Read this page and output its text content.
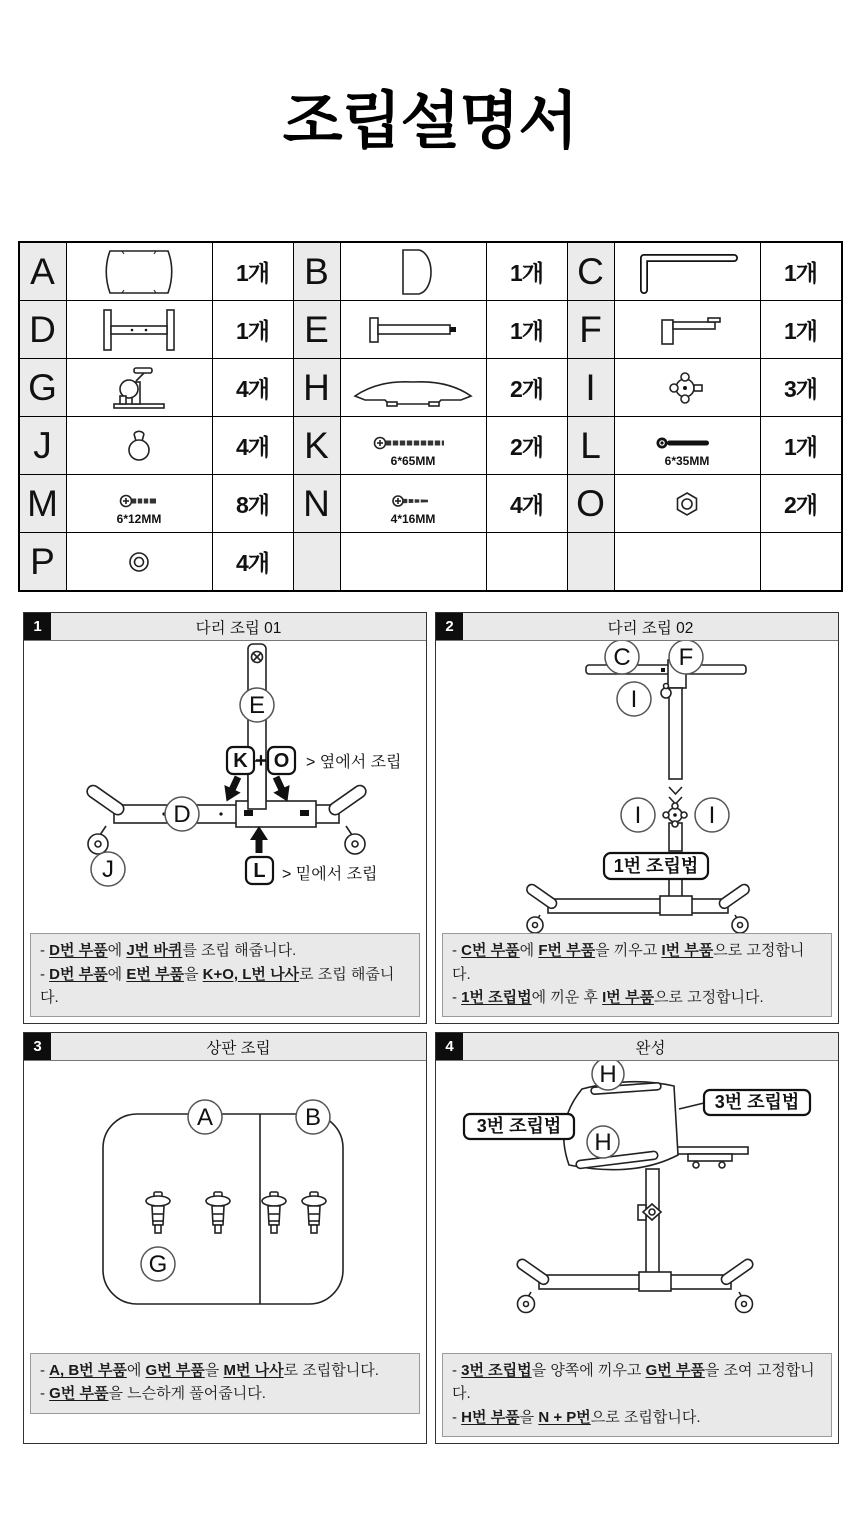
조립설명서
A		1개	B		1개	C		1개
D		1개	E		1개	F		1개
G		4개	H		2개	I		3개
J		4개	K	6*65MM	2개	L	6*35MM	1개
M	6*12MM	8개	N	4*16MM	4개	O		2개
P		4개						
1	다리 조립 01
E
K + O > 옆에서 조립
D
J	L > 밑에서 조립
- D번 부품에 J번 바퀴를 조립 해줍니다.
- D번 부품에 E번 부품을 K+O, L번 나사로 조립 해줍니다.
2	다리 조립 02
C F
I
I	I
1번 조립법
- C번 부품에 F번 부품을 끼우고 I번 부품으로 고정합니다.
- 1번 조립법에 끼운 후 I번 부품으로 고정합니다.
3	상판 조립
A	B
G
- A, B번 부품에 G번 부품을 M번 나사로 조립합니다.
- G번 부품을 느슨하게 풀어줍니다.
4	완성
H
H
3번 조립법
3번 조립법
- 3번 조립법을 양쪽에 끼우고 G번 부품을 조여 고정합니다.
- H번 부품을 N + P번으로 조립합니다.
